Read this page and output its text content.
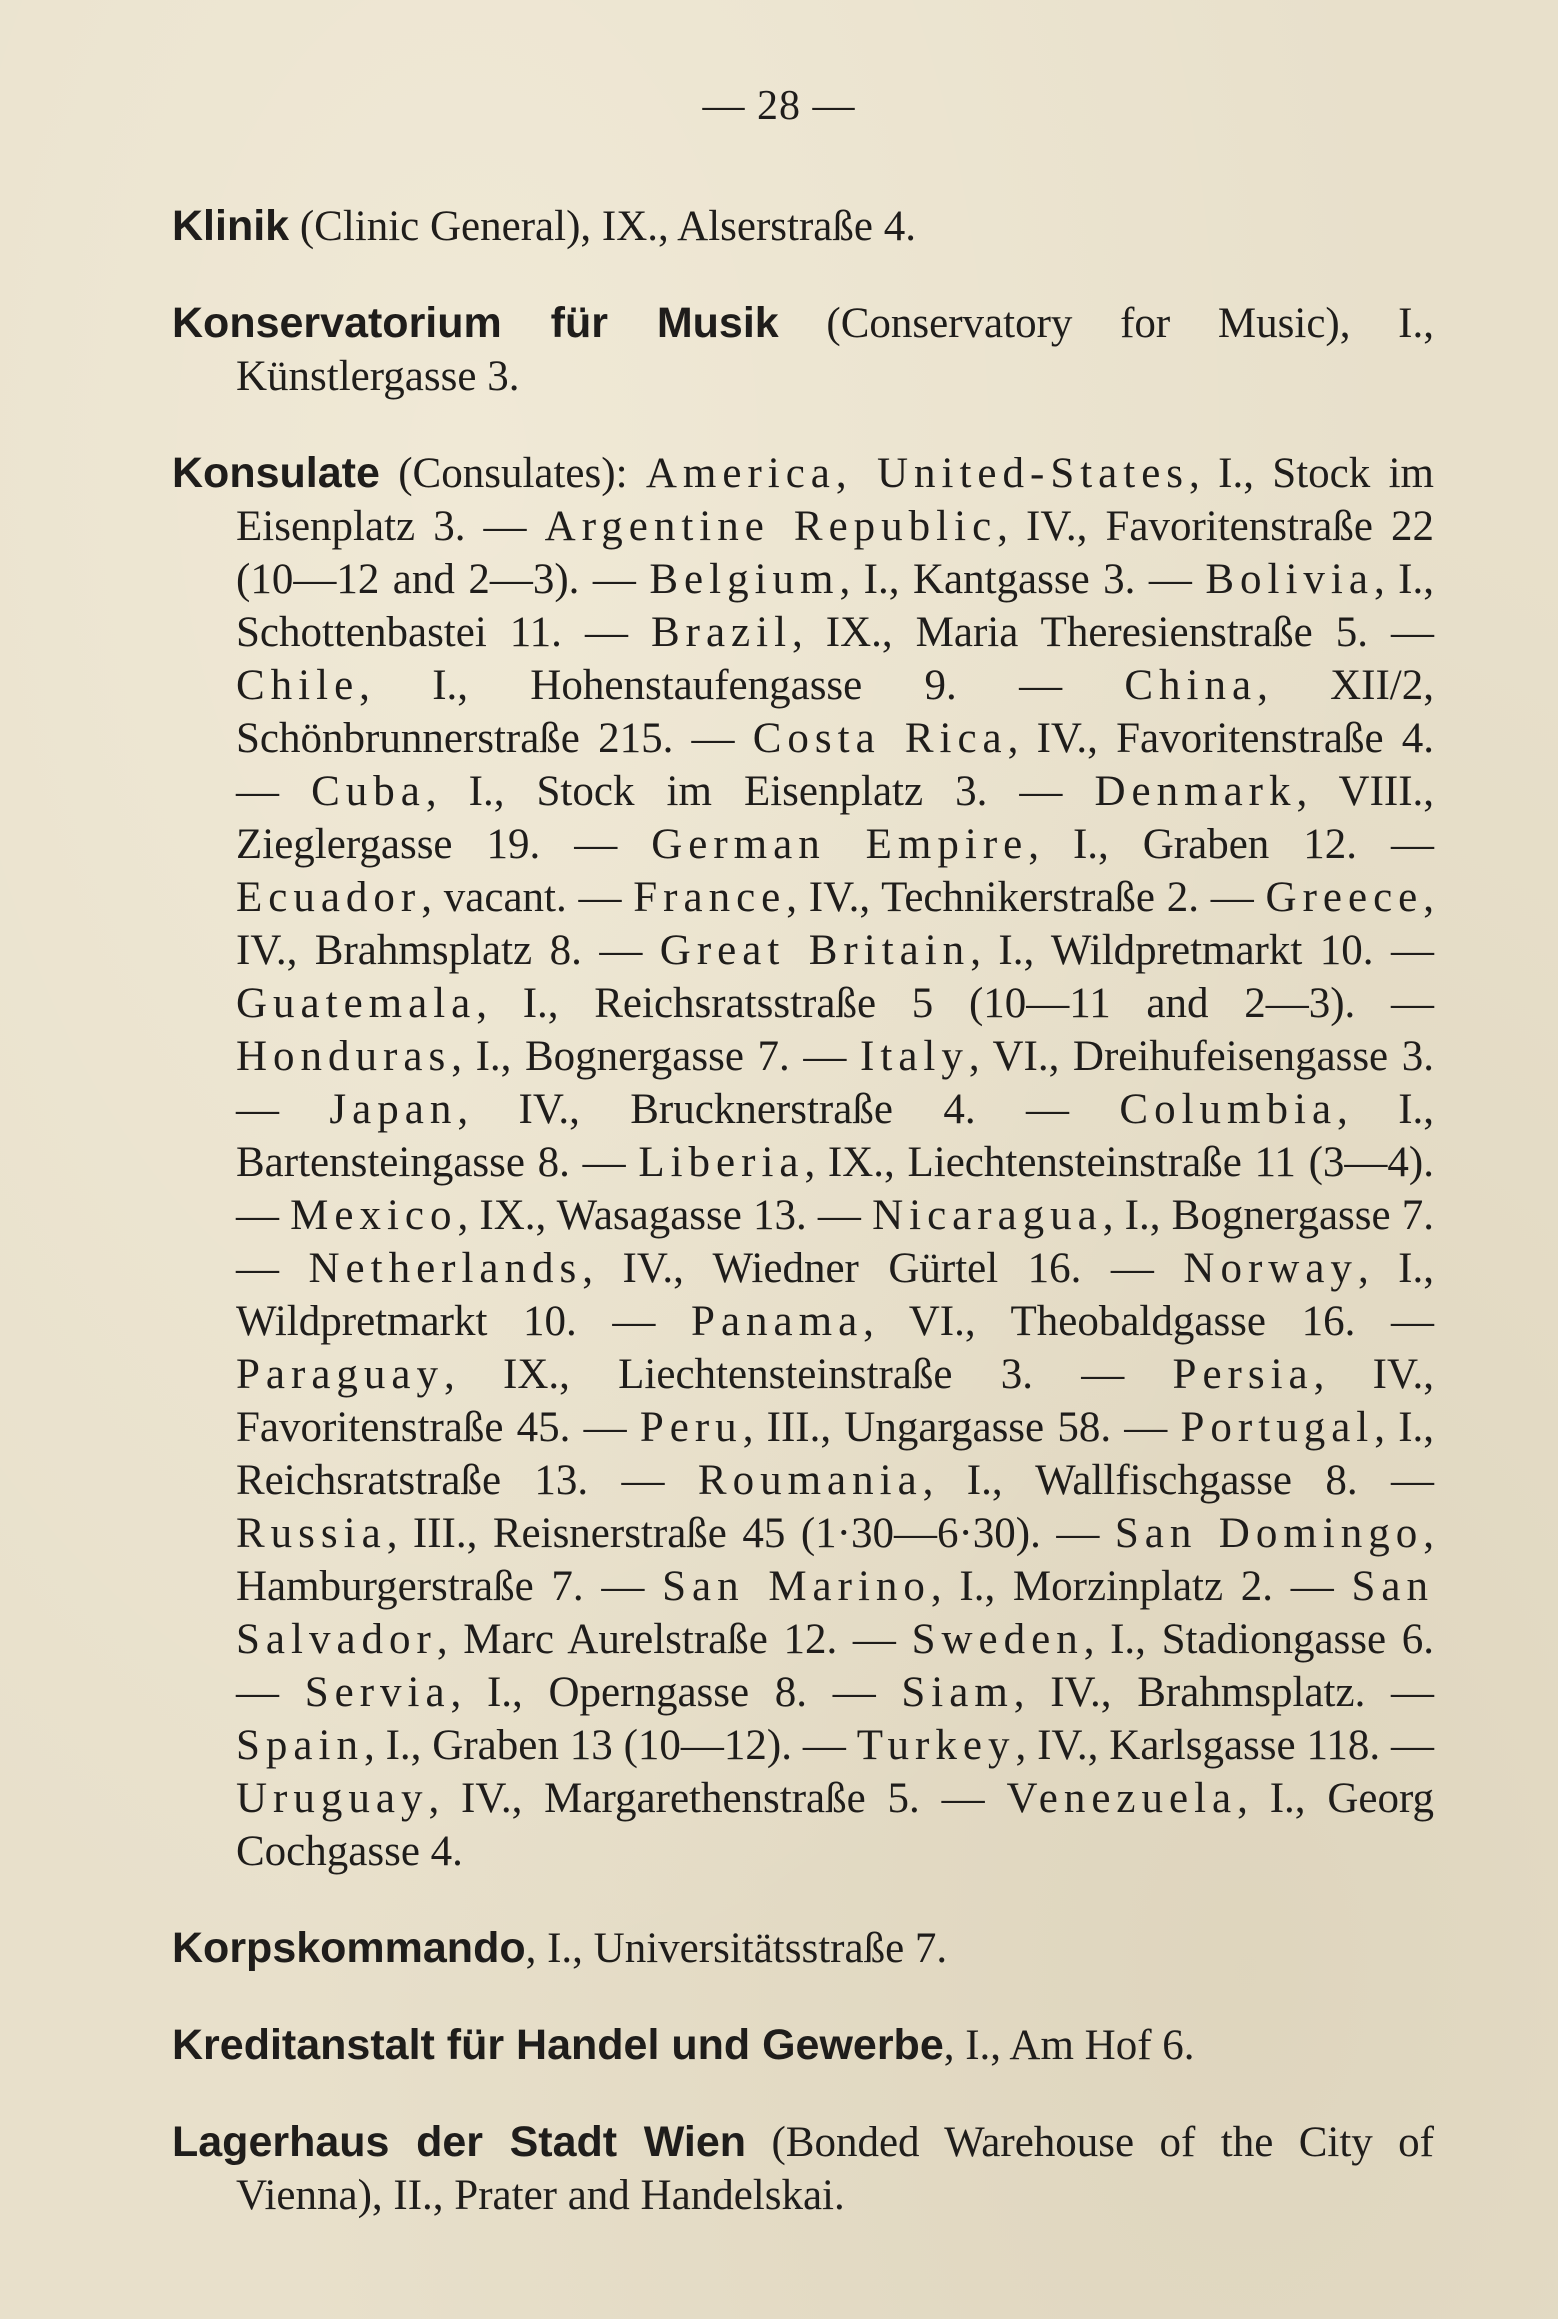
— 28 —

Klinik (Clinic General), IX., Alserstraße 4.

Konservatorium für Musik (Conservatory for Music), I., Künstlergasse 3.

Konsulate (Consulates): America, United-States, I., Stock im Eisenplatz 3. — Argentine Republic, IV., Favoritenstraße 22 (10—12 and 2—3). — Belgium, I., Kantgasse 3. — Bolivia, I., Schottenbastei 11. — Brazil, IX., Maria Theresienstraße 5. — Chile, I., Hohenstaufengasse 9. — China, XII/2, Schönbrunnerstraße 215. — Costa Rica, IV., Favoritenstraße 4. — Cuba, I., Stock im Eisenplatz 3. — Denmark, VIII., Zieglergasse 19. — German Empire, I., Graben 12. — Ecuador, vacant. — France, IV., Technikerstraße 2. — Greece, IV., Brahmsplatz 8. — Great Britain, I., Wildpretmarkt 10. — Guatemala, I., Reichsratsstraße 5 (10—11 and 2—3). — Honduras, I., Bognergasse 7. — Italy, VI., Dreihufeisengasse 3. — Japan, IV., Brucknerstraße 4. — Columbia, I., Bartensteingasse 8. — Liberia, IX., Liechtensteinstraße 11 (3—4). — Mexico, IX., Wasagasse 13. — Nicaragua, I., Bognergasse 7. — Netherlands, IV., Wiedner Gürtel 16. — Norway, I., Wildpretmarkt 10. — Panama, VI., Theobaldgasse 16. — Paraguay, IX., Liechtensteinstraße 3. — Persia, IV., Favoritenstraße 45. — Peru, III., Ungargasse 58. — Portugal, I., Reichsratstraße 13. — Roumania, I., Wallfischgasse 8. — Russia, III., Reisnerstraße 45 (1·30—6·30). — San Domingo, Hamburgerstraße 7. — San Marino, I., Morzinplatz 2. — San Salvador, Marc Aurelstraße 12. — Sweden, I., Stadiongasse 6. — Servia, I., Operngasse 8. — Siam, IV., Brahmsplatz. — Spain, I., Graben 13 (10—12). — Turkey, IV., Karlsgasse 118. — Uruguay, IV., Margarethenstraße 5. — Venezuela, I., Georg Cochgasse 4.

Korpskommando, I., Universitätsstraße 7.

Kreditanstalt für Handel und Gewerbe, I., Am Hof 6.

Lagerhaus der Stadt Wien (Bonded Warehouse of the City of Vienna), II., Prater and Handelskai.
